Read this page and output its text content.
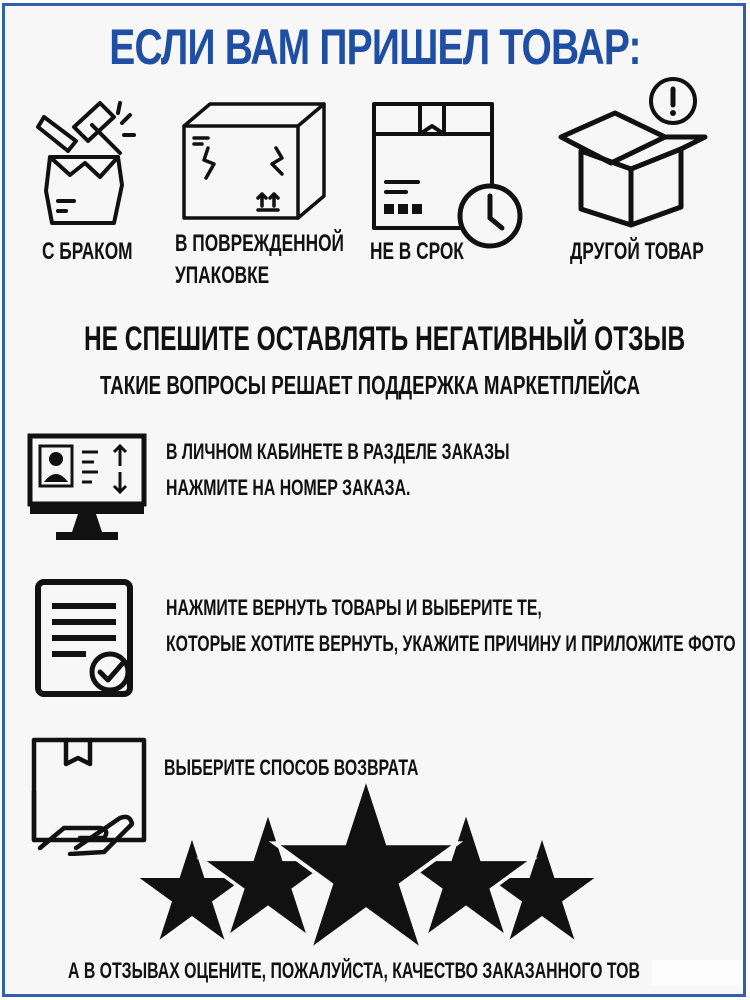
ЕСЛИ ВАМ ПРИШЕЛ ТОВАР:
С БРАКОМ В ПОВРЕЖДЕННОЙ
УПАКОВКЕ
НЕ В СРОК	ДРУГОЙ ТОВАР
НЕ СПЕШИТЕ ОСТАВЛЯТЬ НЕГАТИВНЫЙ ОТЗЫВ
ТАКИЕ ВОПРОСЫ РЕШАЕТ ПОДДЕРЖКА МАРКЕТПЛЕЙСА
В ЛИЧНОМ КАБИНЕТЕ В РАЗДЕЛЕ ЗАКАЗЫ
НАЖМИТЕ НА НОМЕР ЗАКАЗА.
НАЖМИТЕ ВЕРНУТЬ ТОВАРЫ И ВЫБЕРИТЕ ТЕ,
КОТОРЫЕ ХОТИТЕ ВЕРНУТЬ, УКАЖИТЕ ПРИЧИНУ И ПРИЛОЖИТЕ ФОТО
ВЫБЕРИТЕ СПОСОБ ВОЗВРАТА
А В ОТЗЫВАХ ОЦЕНИТЕ, ПОЖАЛУЙСТА, КАЧЕСТВО ЗАКАЗАННОГО ТОВ
